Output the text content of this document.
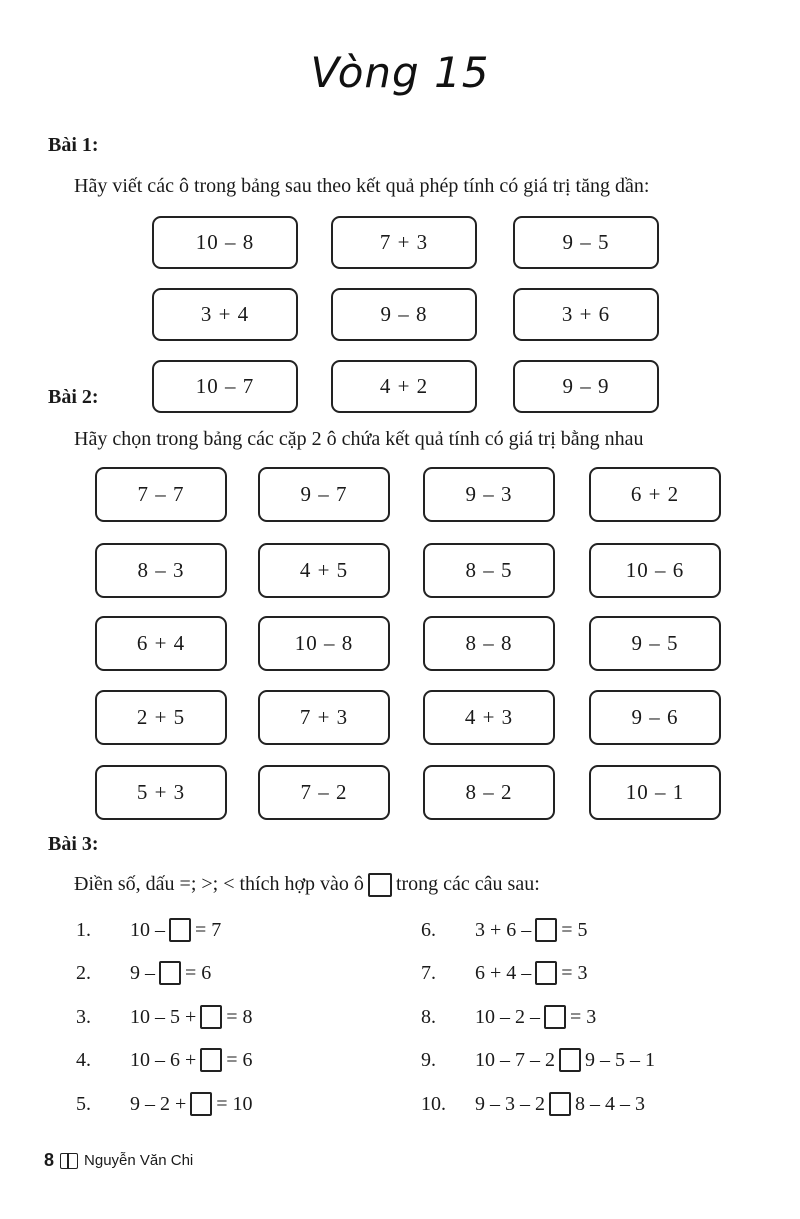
Vòng 15
Bài 1:
Hãy viết các ô trong bảng sau theo kết quả phép tính có giá trị tăng dần:
10 – 8	7 + 3	9 – 5
3 + 4	9 – 8	3 + 6
10 – 7	4 + 2	9 – 9
Bài 2:
Hãy chọn trong bảng các cặp 2 ô chứa kết quả tính có giá trị bằng nhau
7 – 7	9 – 7	9 – 3	6 + 2
8 – 3	4 + 5	8 – 5	10 – 6
6 + 4	10 – 8	8 – 8	9 – 5
2 + 5	7 + 3	4 + 3	9 – 6
5 + 3	7 – 2	8 – 2	10 – 1
Bài 3:
Điền số, dấu =; >; < thích hợp vào ô trong các câu sau:
1.	10 – = 7
2.	9 – = 6
3.	10 – 5 + = 8
4.	10 – 6 + = 6
5.	9 – 2 + = 10
6.	3 + 6 – = 5
7.	6 + 4 – = 3
8.	10 – 2 – = 3
9.	10 – 7 – 2 9 – 5 – 1
10.	9 – 3 – 2 8 – 4 – 3
8 Nguyễn Văn Chi
